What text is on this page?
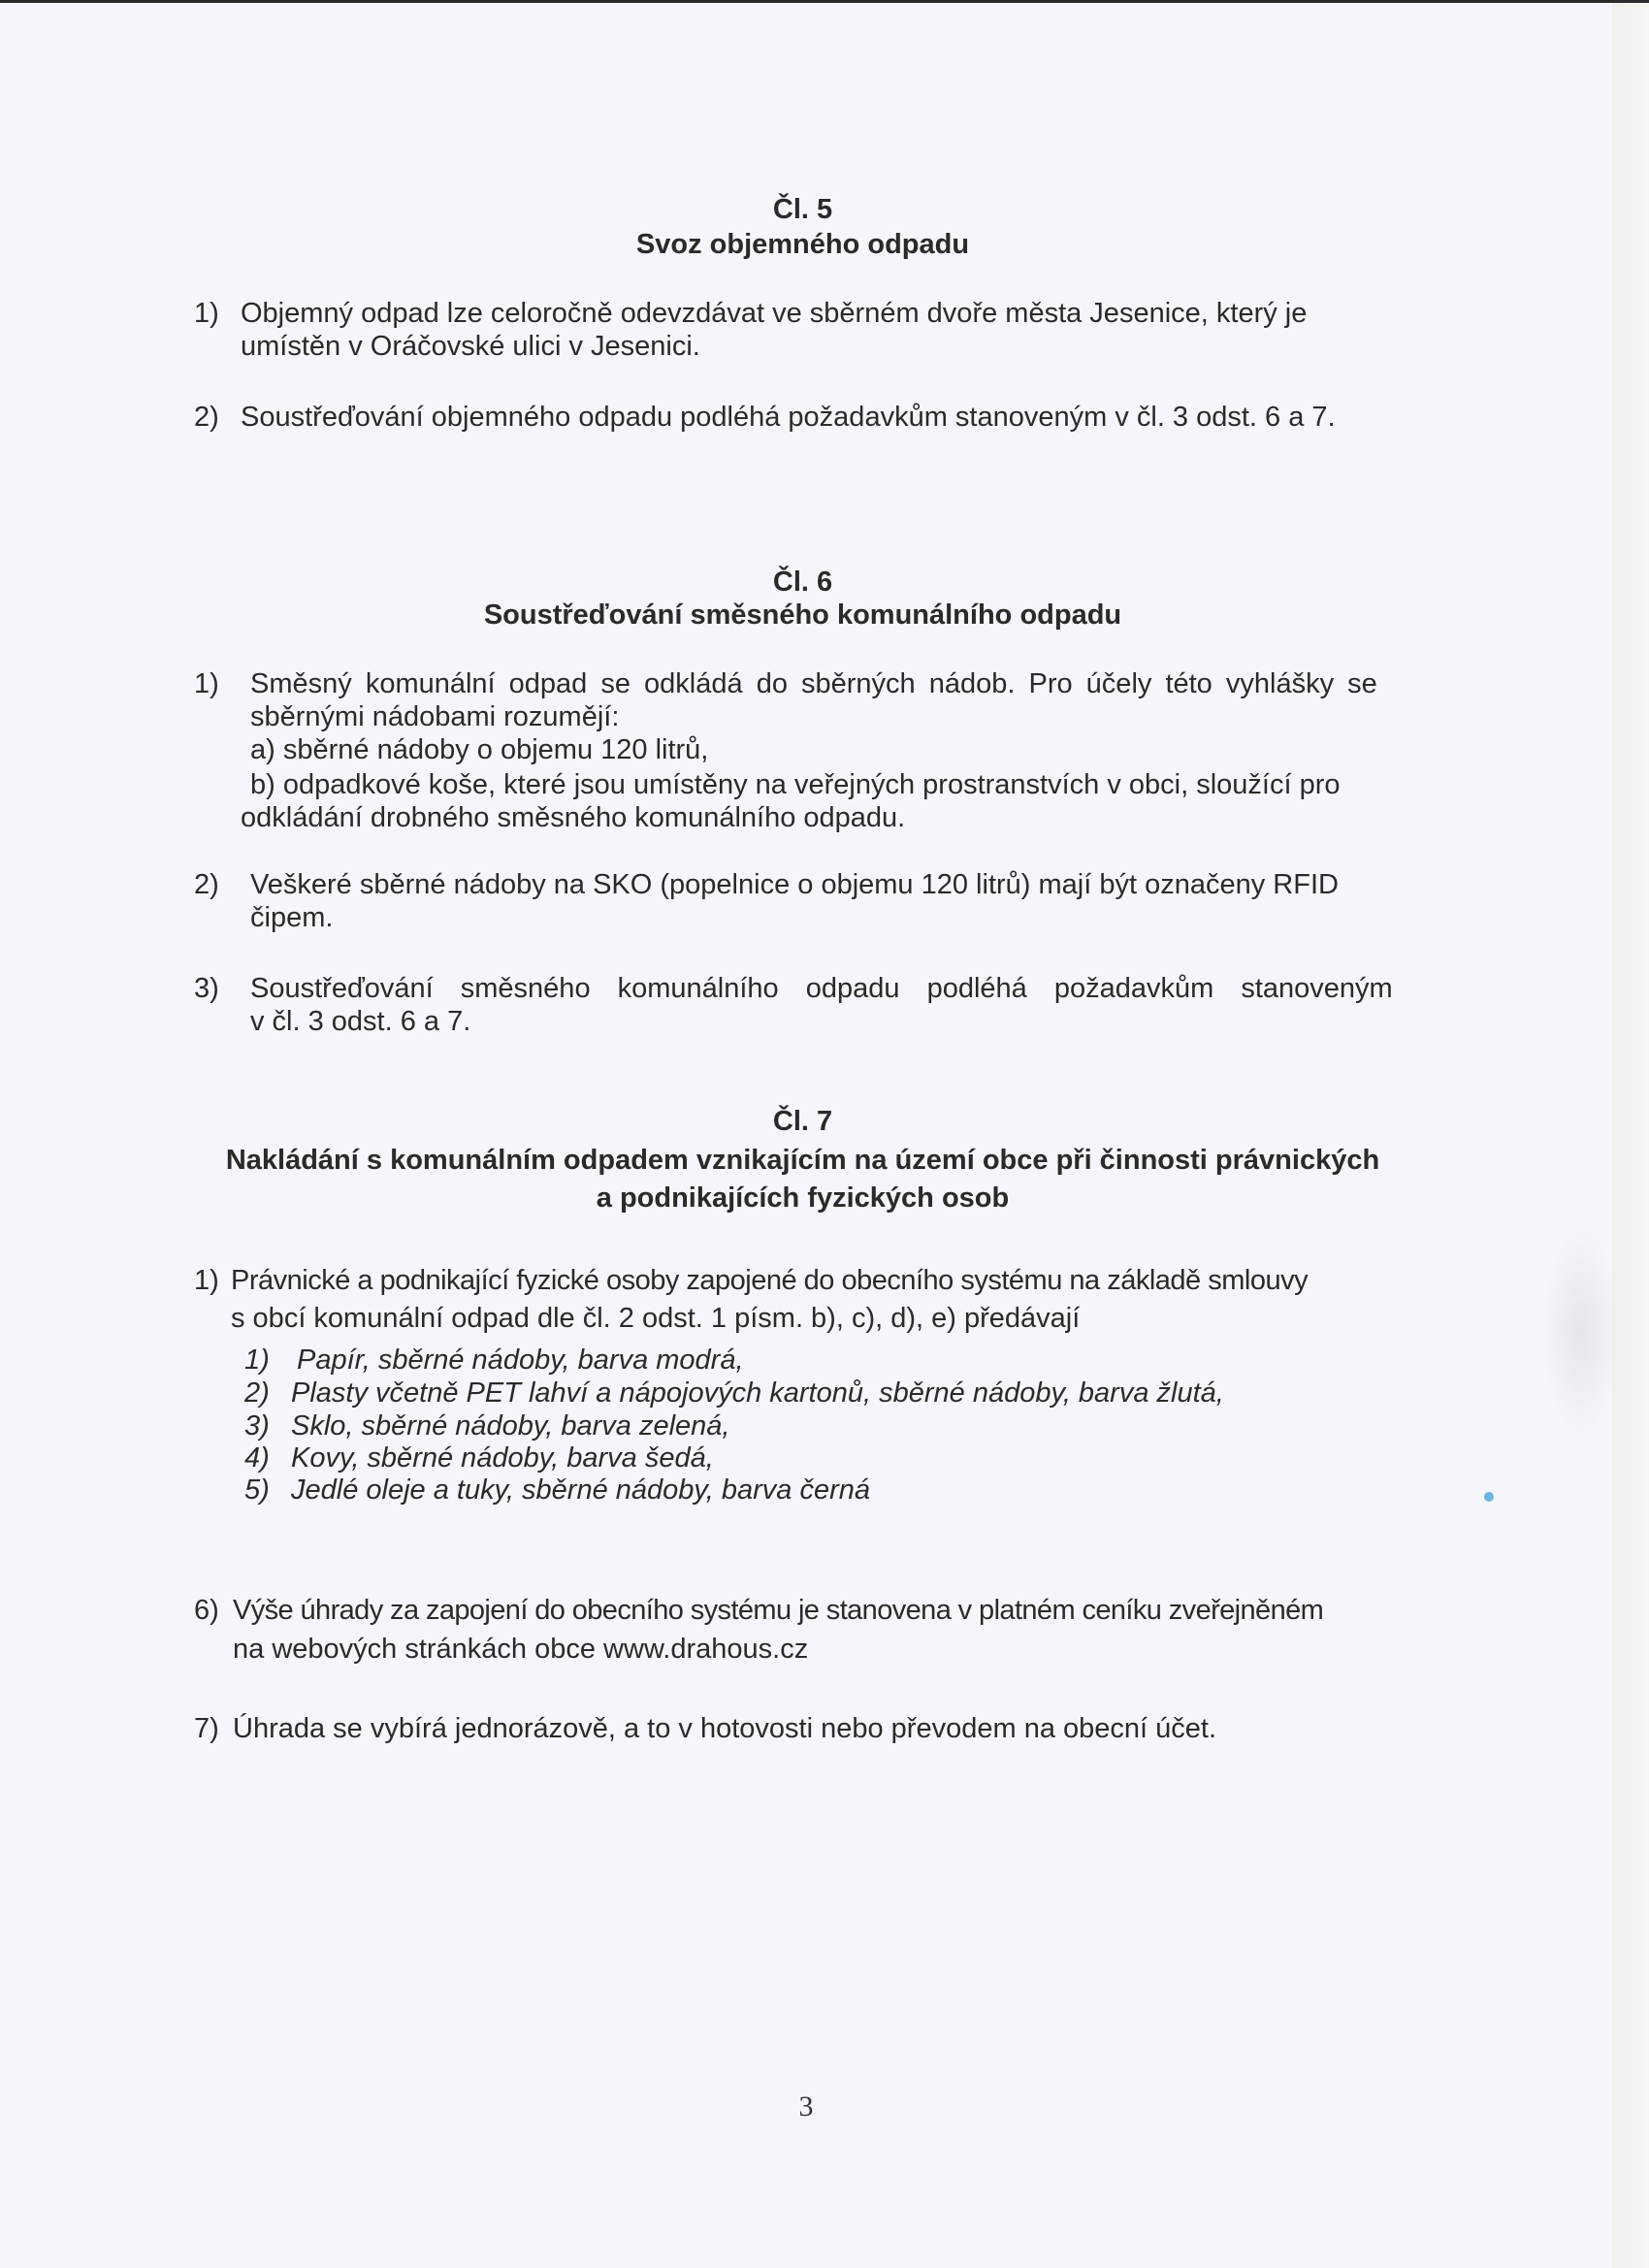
Čl. 5
Svoz objemného odpadu
1) Objemný odpad lze celoročně odevzdávat ve sběrném dvoře města Jesenice, který je
umístěn v Oráčovské ulici v Jesenici.
2) Soustřeďování objemného odpadu podléhá požadavkům stanoveným v čl. 3 odst. 6 a 7.
Čl. 6
Soustřeďování směsného komunálního odpadu
1) Směsný komunální odpad se odkládá do sběrných nádob. Pro účely této vyhlášky se
sběrnými nádobami rozumějí:
a) sběrné nádoby o objemu 120 litrů,
b) odpadkové koše, které jsou umístěny na veřejných prostranstvích v obci, sloužící pro
odkládání drobného směsného komunálního odpadu.
2) Veškeré sběrné nádoby na SKO (popelnice o objemu 120 litrů) mají být označeny RFID
čipem.
3) Soustřeďování směsného komunálního odpadu podléhá požadavkům stanoveným
v čl. 3 odst. 6 a 7.
Čl. 7
Nakládání s komunálním odpadem vznikajícím na území obce při činnosti právnických
a podnikajících fyzických osob
1) Právnické a podnikající fyzické osoby zapojené do obecního systému na základě smlouvy
s obcí komunální odpad dle čl. 2 odst. 1 písm. b), c), d), e) předávají
1) Papír, sběrné nádoby, barva modrá,
2) Plasty včetně PET lahví a nápojových kartonů, sběrné nádoby, barva žlutá,
3) Sklo, sběrné nádoby, barva zelená,
4) Kovy, sběrné nádoby, barva šedá,
5) Jedlé oleje a tuky, sběrné nádoby, barva černá
6) Výše úhrady za zapojení do obecního systému je stanovena v platném ceníku zveřejněném
na webových stránkách obce www.drahous.cz
7) Úhrada se vybírá jednorázově, a to v hotovosti nebo převodem na obecní účet.
3
